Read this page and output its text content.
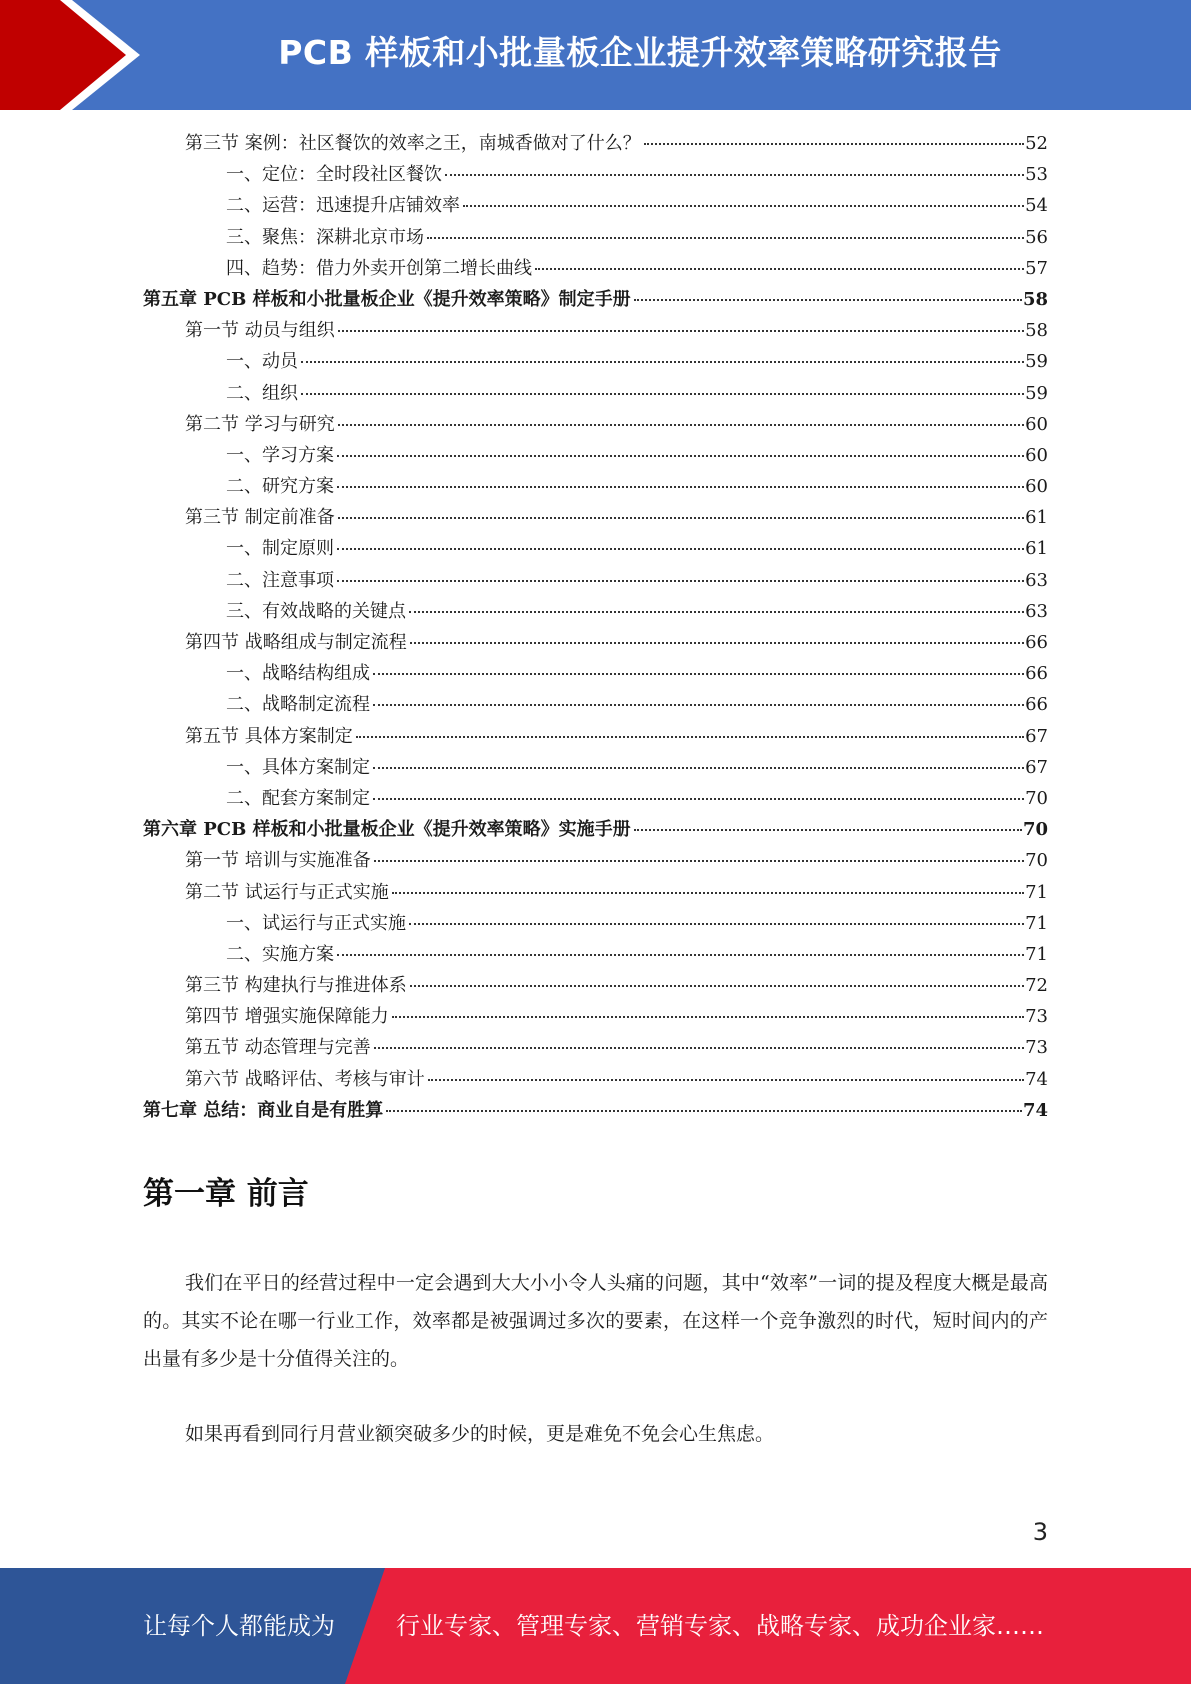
PCB 样板和小批量板企业提升效率策略研究报告
第三节 案例：社区餐饮的效率之王，南城香做对了什么？	52
一、定位：全时段社区餐饮	53
二、运营：迅速提升店铺效率	54
三、聚焦：深耕北京市场	56
四、趋势：借力外卖开创第二增长曲线	57
第五章 PCB 样板和小批量板企业《提升效率策略》制定手册	58
第一节 动员与组织	58
一、动员	59
二、组织	59
第二节 学习与研究	60
一、学习方案	60
二、研究方案	60
第三节 制定前准备	61
一、制定原则	61
二、注意事项	63
三、有效战略的关键点	63
第四节 战略组成与制定流程	66
一、战略结构组成	66
二、战略制定流程	66
第五节 具体方案制定	67
一、具体方案制定	67
二、配套方案制定	70
第六章 PCB 样板和小批量板企业《提升效率策略》实施手册	70
第一节 培训与实施准备	70
第二节 试运行与正式实施	71
一、试运行与正式实施	71
二、实施方案	71
第三节 构建执行与推进体系	72
第四节 增强实施保障能力	73
第五节 动态管理与完善	73
第六节 战略评估、考核与审计	74
第七章 总结：商业自是有胜算	74
第一章 前言
我们在平日的经营过程中一定会遇到大大小小令人头痛的问题，其中“效率”一词的提及程度大概是最高的。其实不论在哪一行业工作，效率都是被强调过多次的要素，在这样一个竞争激烈的时代，短时间内的产出量有多少是十分值得关注的。
如果再看到同行月营业额突破多少的时候，更是难免不免会心生焦虑。
3
让每个人都能成为	行业专家、管理专家、营销专家、战略专家、成功企业家……
